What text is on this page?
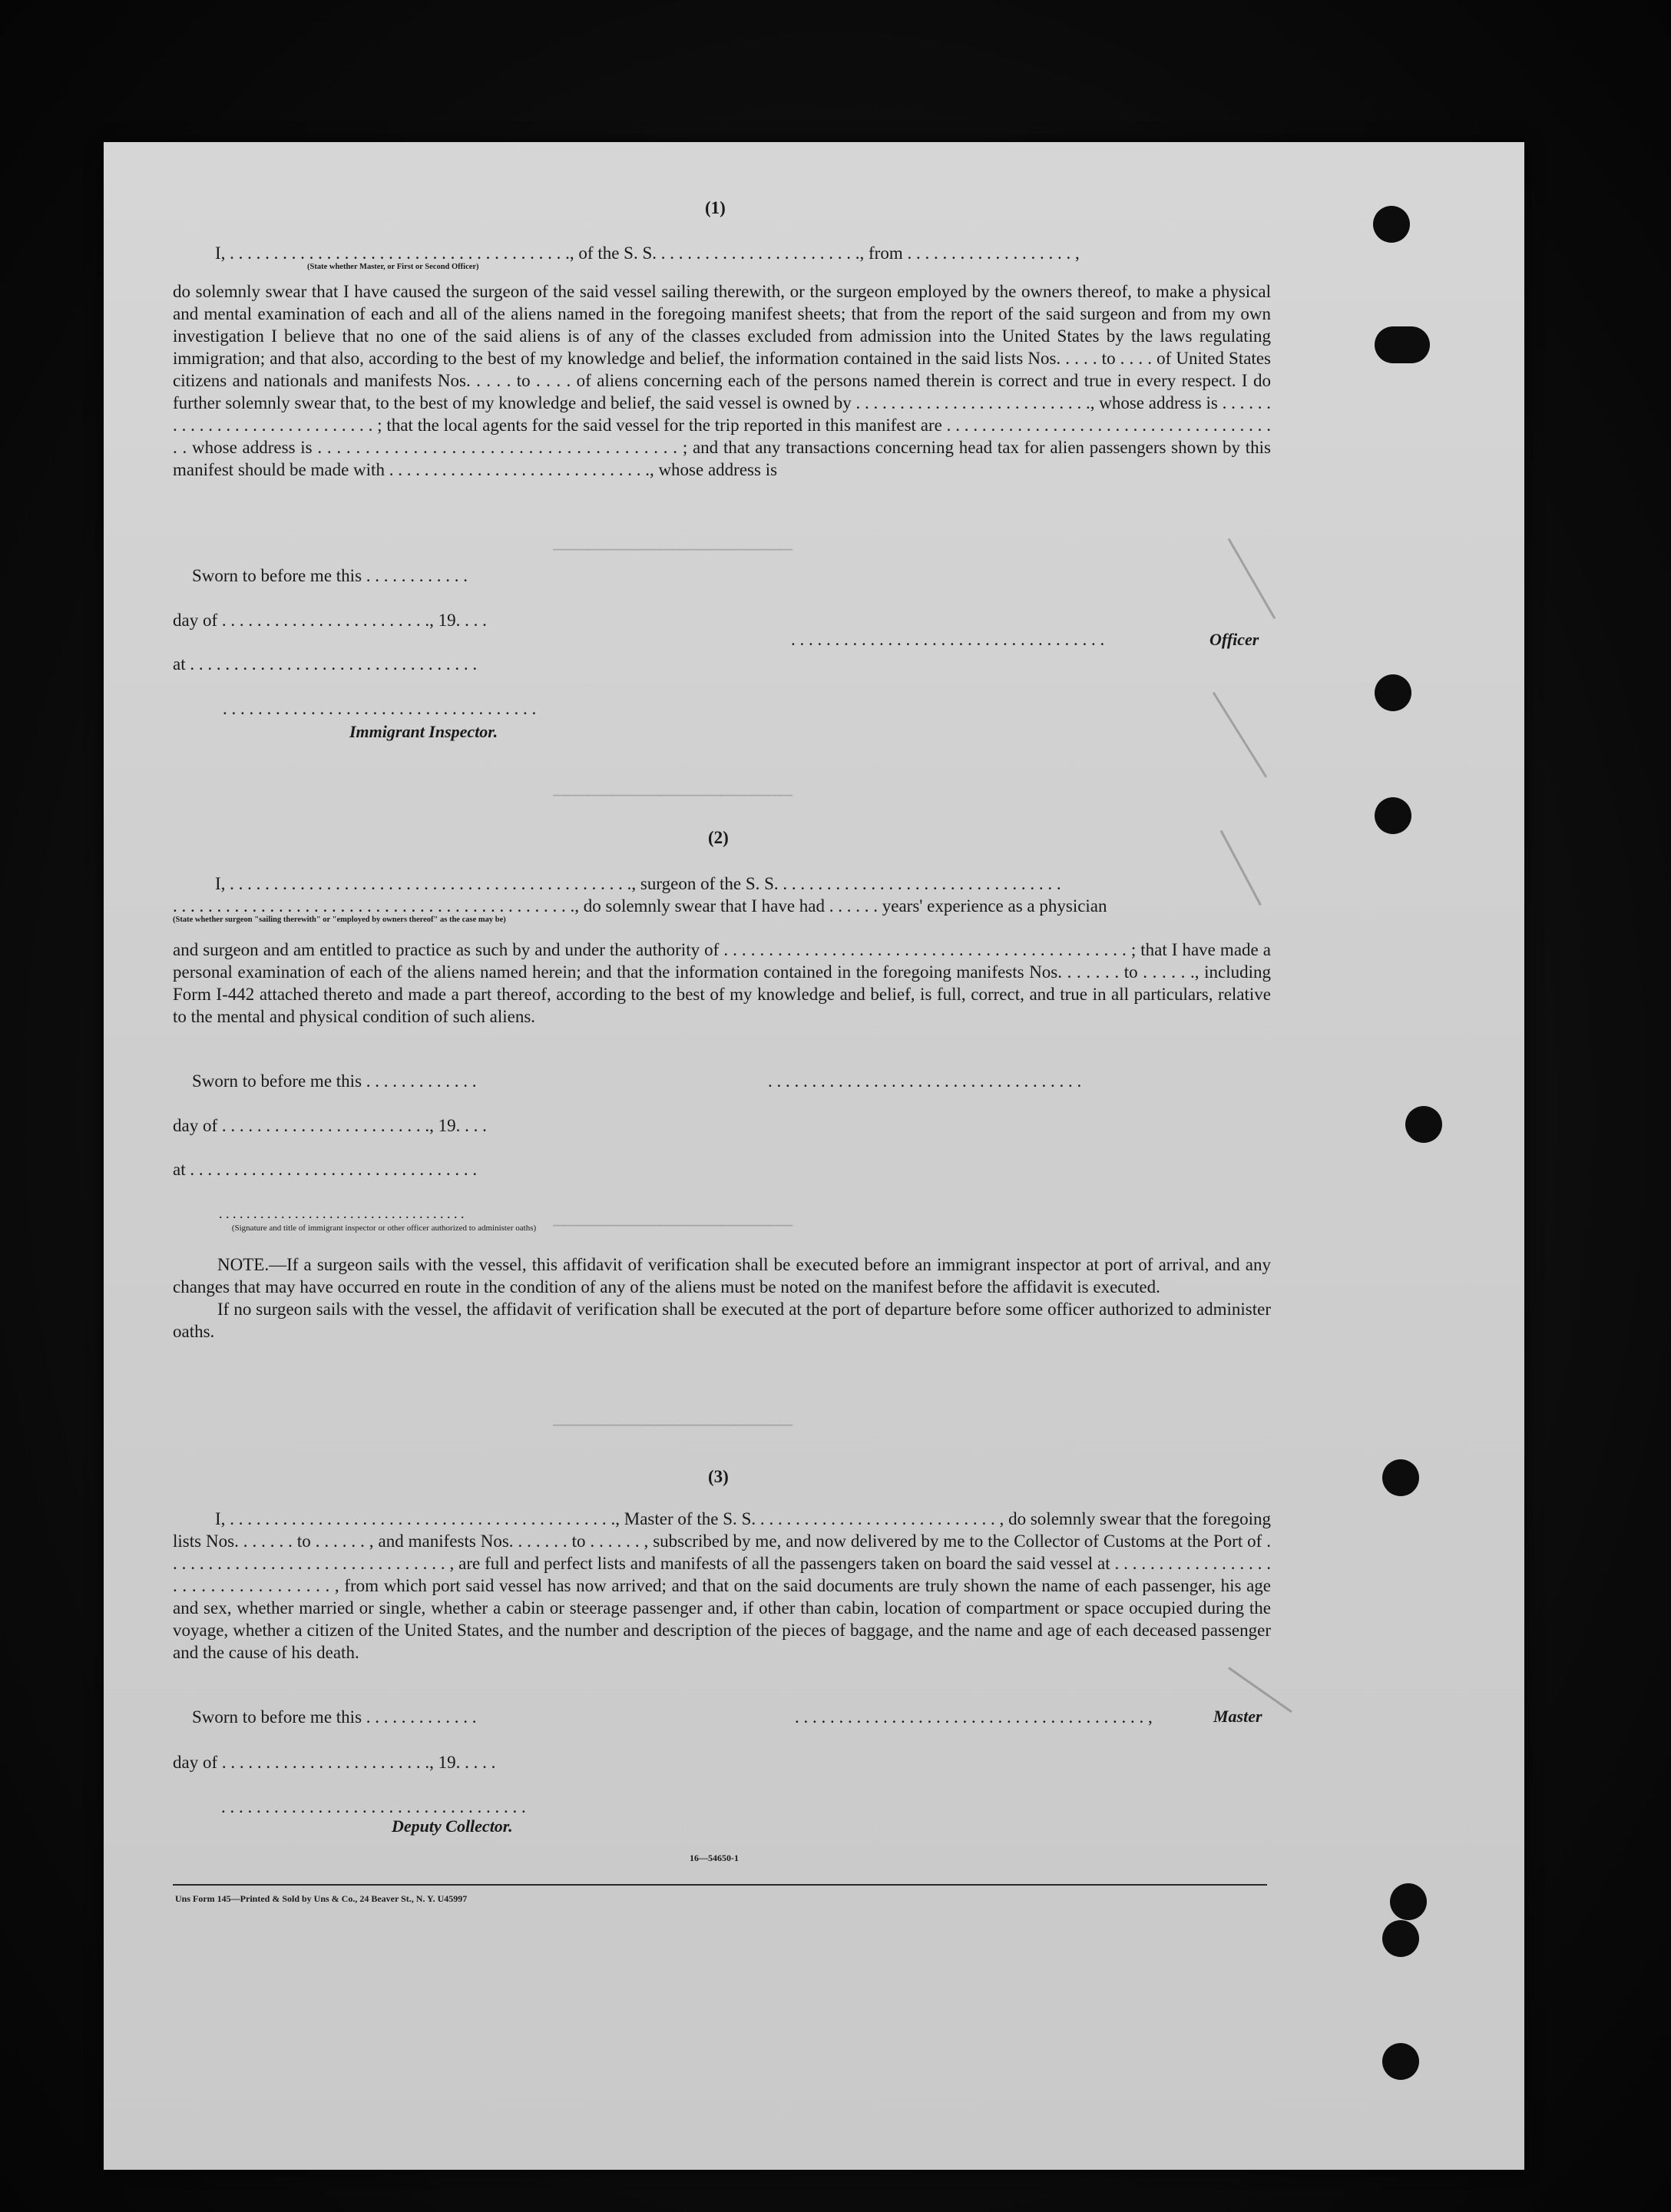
————————————————————
————————————————————
————————————————————
————————————————————
(1)
I, . . . . . . . . . . . . . . . . . . . . . . . . . . . . . . . . . . . . . . ., of the S. S. . . . . . . . . . . . . . . . . . . . . . . ., from . . . . . . . . . . . . . . . . . . . ,
(State whether Master, or First or Second Officer)
do solemnly swear that I have caused the surgeon of the said vessel sailing therewith, or the surgeon employed by the owners thereof, to make a physical and mental examination of each and all of the aliens named in the foregoing manifest sheets; that from the report of the said surgeon and from my own investigation I believe that no one of the said aliens is of any of the classes excluded from admission into the United States by the laws regulating immigration; and that also, according to the best of my knowledge and belief, the information contained in the said lists Nos. . . . . to . . . . of United States citizens and nationals and manifests Nos. . . . . to . . . . of aliens concerning each of the persons named therein is correct and true in every respect. I do further solemnly swear that, to the best of my knowledge and belief, the said vessel is owned by . . . . . . . . . . . . . . . . . . . . . . . . . . ., whose address is . . . . . . . . . . . . . . . . . . . . . . . . . . . . . ; that the local agents for the said vessel for the trip reported in this manifest are . . . . . . . . . . . . . . . . . . . . . . . . . . . . . . . . . . . . . . . whose address is . . . . . . . . . . . . . . . . . . . . . . . . . . . . . . . . . . . . . . ; and that any transactions concerning head tax for alien passengers shown by this manifest should be made with . . . . . . . . . . . . . . . . . . . . . . . . . . . . . ., whose address is
Sworn to before me this . . . . . . . . . . . .
day of . . . . . . . . . . . . . . . . . . . . . . . ., 19. . . .
. . . . . . . . . . . . . . . . . . . . . . . . . . . . . . . . . . . .	Officer
at . . . . . . . . . . . . . . . . . . . . . . . . . . . . . . . . .
. . . . . . . . . . . . . . . . . . . . . . . . . . . . . . . . . . . .
Immigrant Inspector.
(2)
I, . . . . . . . . . . . . . . . . . . . . . . . . . . . . . . . . . . . . . . . . . . . . . ., surgeon of the S. S. . . . . . . . . . . . . . . . . . . . . . . . . . . . . . . . .
. . . . . . . . . . . . . . . . . . . . . . . . . . . . . . . . . . . . . . . . . . . . . ., do solemnly swear that I have had . . . . . . years' experience as a physician
(State whether surgeon "sailing therewith" or "employed by owners thereof" as the case may be)
and surgeon and am entitled to practice as such by and under the authority of . . . . . . . . . . . . . . . . . . . . . . . . . . . . . . . . . . . . . . . . . . . . . ; that I have made a personal examination of each of the aliens named herein; and that the information contained in the foregoing manifests Nos. . . . . . . to . . . . . ., including Form I-442 attached thereto and made a part thereof, according to the best of my knowledge and belief, is full, correct, and true in all particulars, relative to the mental and physical condition of such aliens.
Sworn to before me this . . . . . . . . . . . . .	. . . . . . . . . . . . . . . . . . . . . . . . . . . . . . . . . . . .
day of . . . . . . . . . . . . . . . . . . . . . . . ., 19. . . .
at . . . . . . . . . . . . . . . . . . . . . . . . . . . . . . . . .
. . . . . . . . . . . . . . . . . . . . . . . . . . . . . . . . . . . .
(Signature and title of immigrant inspector or other officer authorized to administer oaths)
NOTE.—If a surgeon sails with the vessel, this affidavit of verification shall be executed before an immigrant inspector at port of arrival, and any changes that may have occurred en route in the condition of any of the aliens must be noted on the manifest before the affidavit is executed.
If no surgeon sails with the vessel, the affidavit of verification shall be executed at the port of departure before some officer authorized to administer oaths.
(3)
I, . . . . . . . . . . . . . . . . . . . . . . . . . . . . . . . . . . . . . . . . . . . ., Master of the S. S. . . . . . . . . . . . . . . . . . . . . . . . . . . . , do solemnly swear that the foregoing lists Nos. . . . . . . to . . . . . . , and manifests Nos. . . . . . . to . . . . . . , subscribed by me, and now delivered by me to the Collector of Customs at the Port of . . . . . . . . . . . . . . . . . . . . . . . . . . . . . . . . , are full and perfect lists and manifests of all the passengers taken on board the said vessel at . . . . . . . . . . . . . . . . . . . . . . . . . . . . . . . . . . . , from which port said vessel has now arrived; and that on the said documents are truly shown the name of each passenger, his age and sex, whether married or single, whether a cabin or steerage passenger and, if other than cabin, location of compartment or space occupied during the voyage, whether a citizen of the United States, and the number and description of the pieces of baggage, and the name and age of each deceased passenger and the cause of his death.
Sworn to before me this . . . . . . . . . . . . .	. . . . . . . . . . . . . . . . . . . . . . . . . . . . . . . . . . . . . . . . ,	Master
day of . . . . . . . . . . . . . . . . . . . . . . . ., 19. . . . .
. . . . . . . . . . . . . . . . . . . . . . . . . . . . . . . . . . .
Deputy Collector.
16—54650-1
Uns Form 145—Printed & Sold by Uns & Co., 24 Beaver St., N. Y. U45997
